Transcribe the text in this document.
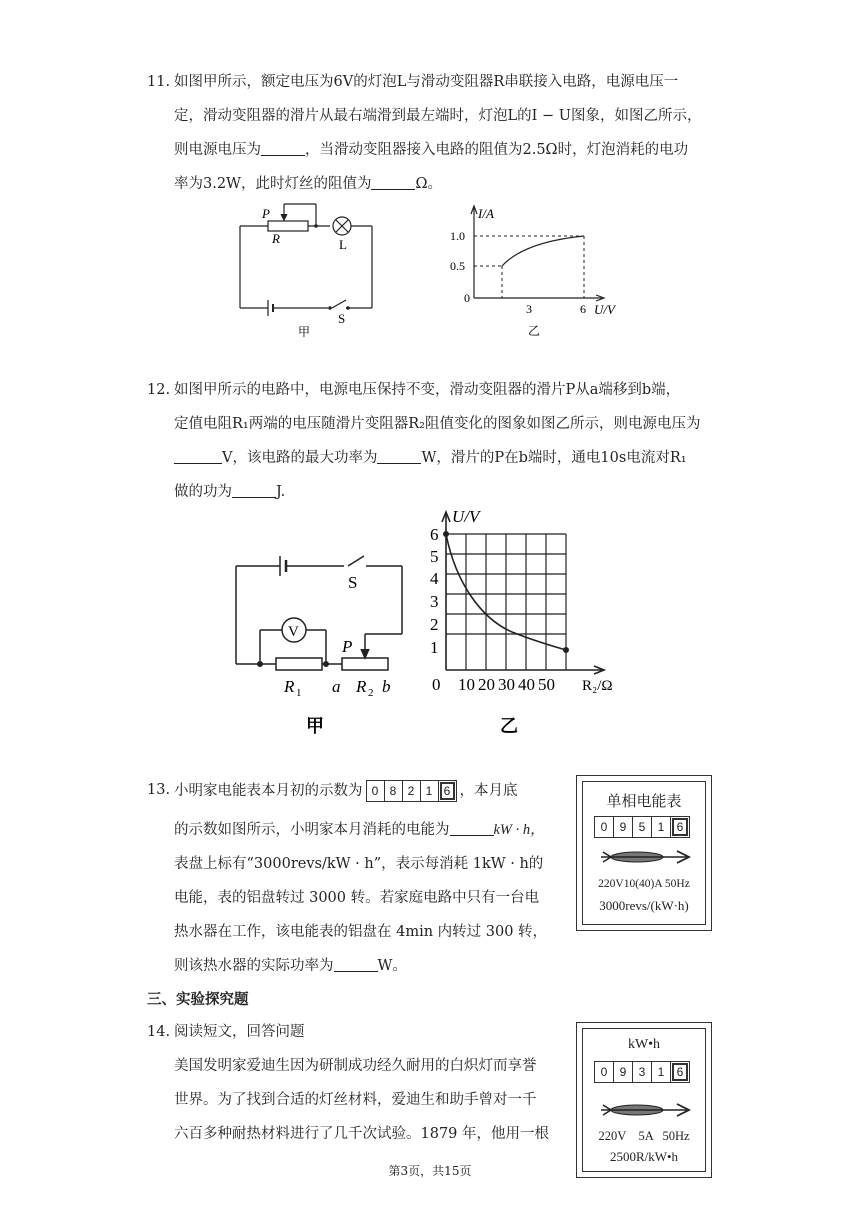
11. 如图甲所示，额定电压为6V的灯泡L与滑动变阻器R串联接入电路，电源电压一
定，滑动变阻器的滑片从最右端滑到最左端时，灯泡L的I − U图象，如图乙所示，
则电源电压为	，当滑动变阻器接入电路的阻值为2.5Ω时，灯泡消耗的电功
率为3.2W，此时灯丝的阻值为	Ω。
P
R	L
S
甲
I/A
1.0
0.5
0
3	6 U/V
乙
12. 如图甲所示的电路中，电源电压保持不变，滑动变阻器的滑片P从a端移到b端，
定值电阻R₁两端的电压随滑片变阻器R₂阻值变化的图象如图乙所示，则电源电压为
V，该电路的最大功率为	W，滑片的P在b端时，通电10s电流对R₁
做的功为	J.
V
S
P
R 1 a R 2 b
甲
U/V
6
5
4
3
2
1
0 10 20 30 40 50 R₂/Ω
乙
13. 小明家电能表本月初的示数为 0 8 2 1 6 ，本月底
的示数如图所示，小明家本月消耗的电能为	kW · h，
表盘上标有“3000revs/kW · h”，表示每消耗 1kW · h的
电能，表的铝盘转过 3000 转。若家庭电路中只有一台电
热水器在工作，该电能表的铝盘在 4min 内转过 300 转，
则该热水器的实际功率为	W。
单相电能表
0	9	5	1	6
220V10(40)A 50Hz
3000revs/(kW·h)
三、实验探究题
14. 阅读短文，回答问题
美国发明家爱迪生因为研制成功经久耐用的白炽灯而享誉
世界。为了找到合适的灯丝材料，爱迪生和助手曾对一千
六百多种耐热材料进行了几千次试验。1879 年，他用一根
kW•h
0	9	3	1	6
220V    5A   50Hz
2500R/kW•h
第3页，共15页
